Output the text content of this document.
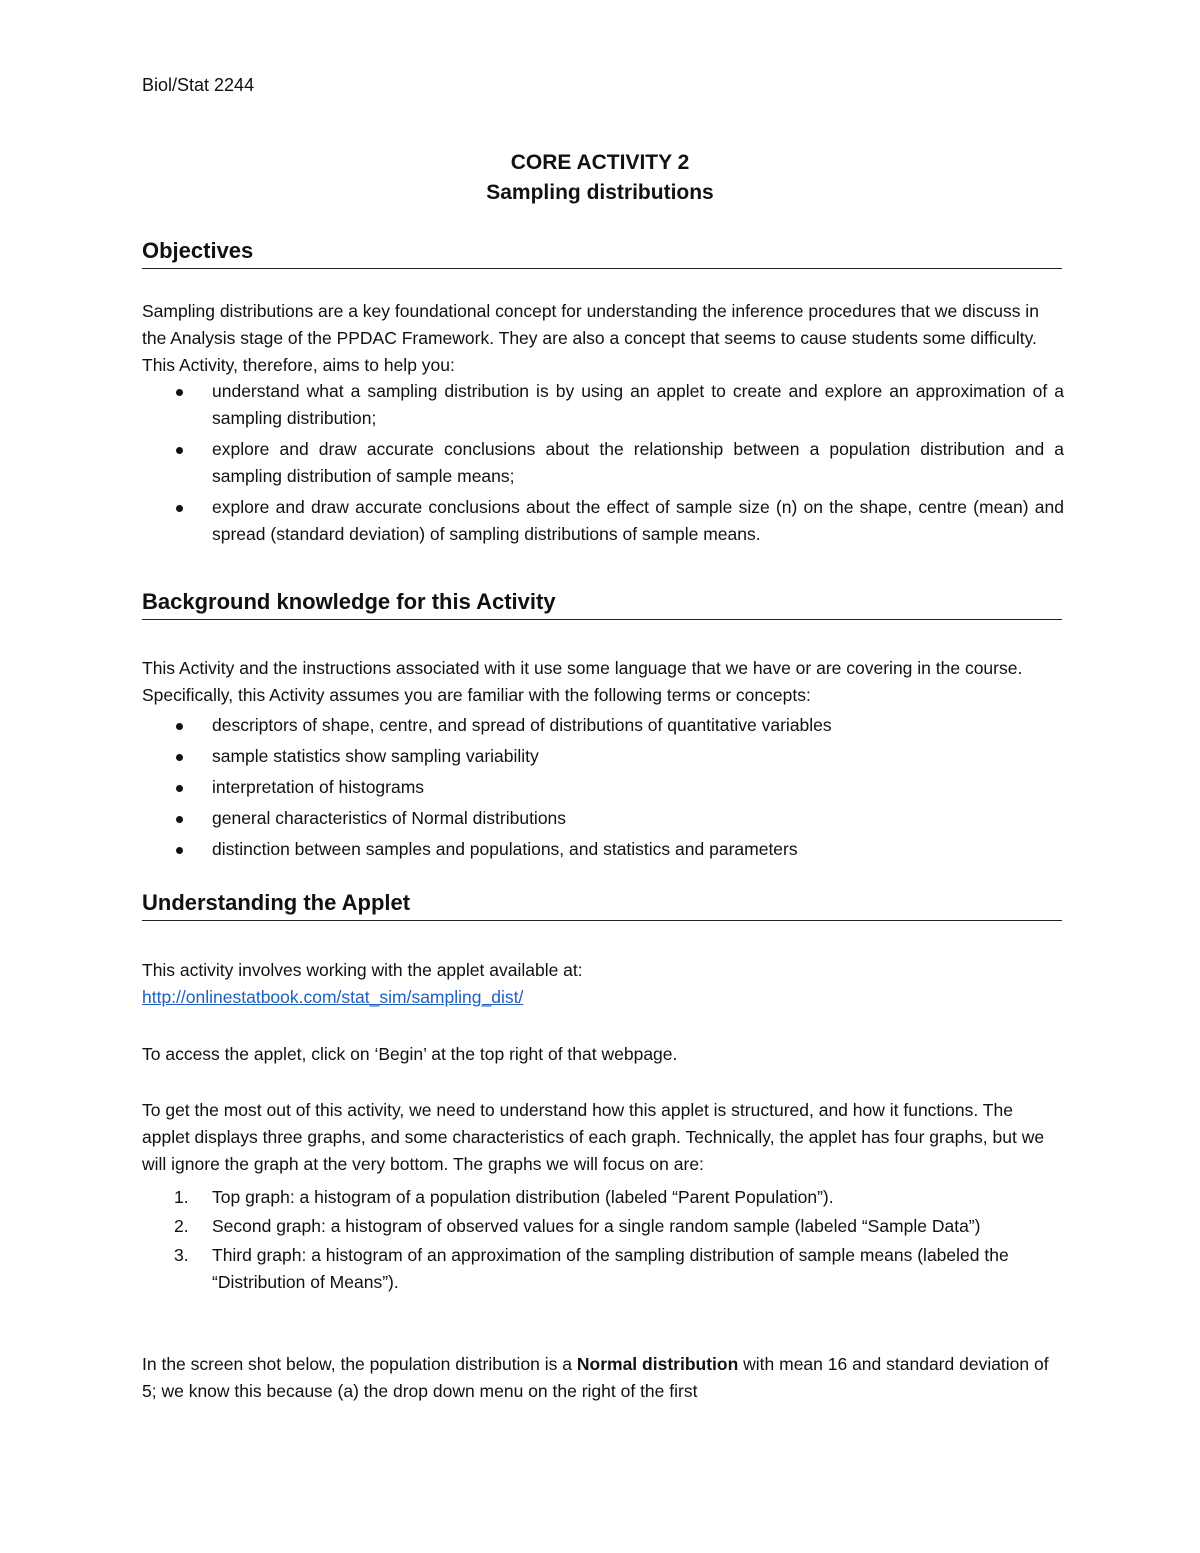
Biol/Stat 2244
CORE ACTIVITY 2
Sampling distributions
Objectives

Sampling distributions are a key foundational concept for understanding the inference procedures that we discuss in the Analysis stage of the PPDAC Framework. They are also a concept that seems to cause students some difficulty. This Activity, therefore, aims to help you:

understand what a sampling distribution is by using an applet to create and explore an approximation of a sampling distribution;
explore and draw accurate conclusions about the relationship between a population distribution and a sampling distribution of sample means;
explore and draw accurate conclusions about the effect of sample size (n) on the shape, centre (mean) and spread (standard deviation) of sampling distributions of sample means.
Background knowledge for this Activity

This Activity and the instructions associated with it use some language that we have or are covering in the course. Specifically, this Activity assumes you are familiar with the following terms or concepts:

descriptors of shape, centre, and spread of distributions of quantitative variables
sample statistics show sampling variability
interpretation of histograms
general characteristics of Normal distributions
distinction between samples and populations, and statistics and parameters
Understanding the Applet

This activity involves working with the applet available at:

http://onlinestatbook.com/stat_sim/sampling_dist/

To access the applet, click on ‘Begin’ at the top right of that webpage.

To get the most out of this activity, we need to understand how this applet is structured, and how it functions. The applet displays three graphs, and some characteristics of each graph. Technically, the applet has four graphs, but we will ignore the graph at the very bottom. The graphs we will focus on are:

1. Top graph: a histogram of a population distribution (labeled “Parent Population”).
2. Second graph: a histogram of observed values for a single random sample (labeled “Sample Data”)
3. Third graph: a histogram of an approximation of the sampling distribution of sample means (labeled the “Distribution of Means”).

In the screen shot below, the population distribution is a Normal distribution with mean 16 and standard deviation of 5; we know this because (a) the drop down menu on the right of the first
